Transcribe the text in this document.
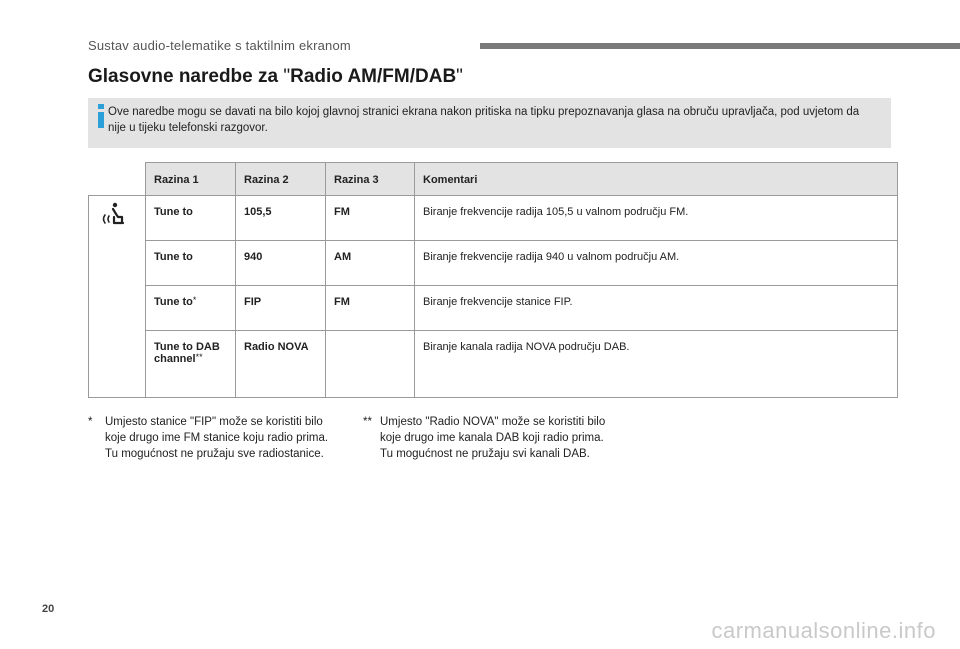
Sustav audio-telematike s taktilnim ekranom
Glasovne naredbe za "Radio AM/FM/DAB"
Ove naredbe mogu se davati na bilo kojoj glavnoj stranici ekrana nakon pritiska na tipku prepoznavanja glasa na obruču upravljača, pod uvjetom da nije u tijeku telefonski razgovor.
	Razina 1	Razina 2	Razina 3	Komentari
	Tune to	105,5	FM	Biranje frekvencije radija 105,5 u valnom području FM.
	Tune to	940	AM	Biranje frekvencije radija 940 u valnom području AM.
	Tune to*	FIP	FM	Biranje frekvencije stanice FIP.
	Tune to DAB channel**	Radio NOVA		Biranje kanala radija NOVA području DAB.
* Umjesto stanice "FIP" može se koristiti bilo
koje drugo ime FM stanice koju radio prima.
Tu mogućnost ne pružaju sve radiostanice.
** Umjesto "Radio NOVA" može se koristiti bilo
koje drugo ime kanala DAB koji radio prima.
Tu mogućnost ne pružaju svi kanali DAB.
20
carmanualsonline.info
